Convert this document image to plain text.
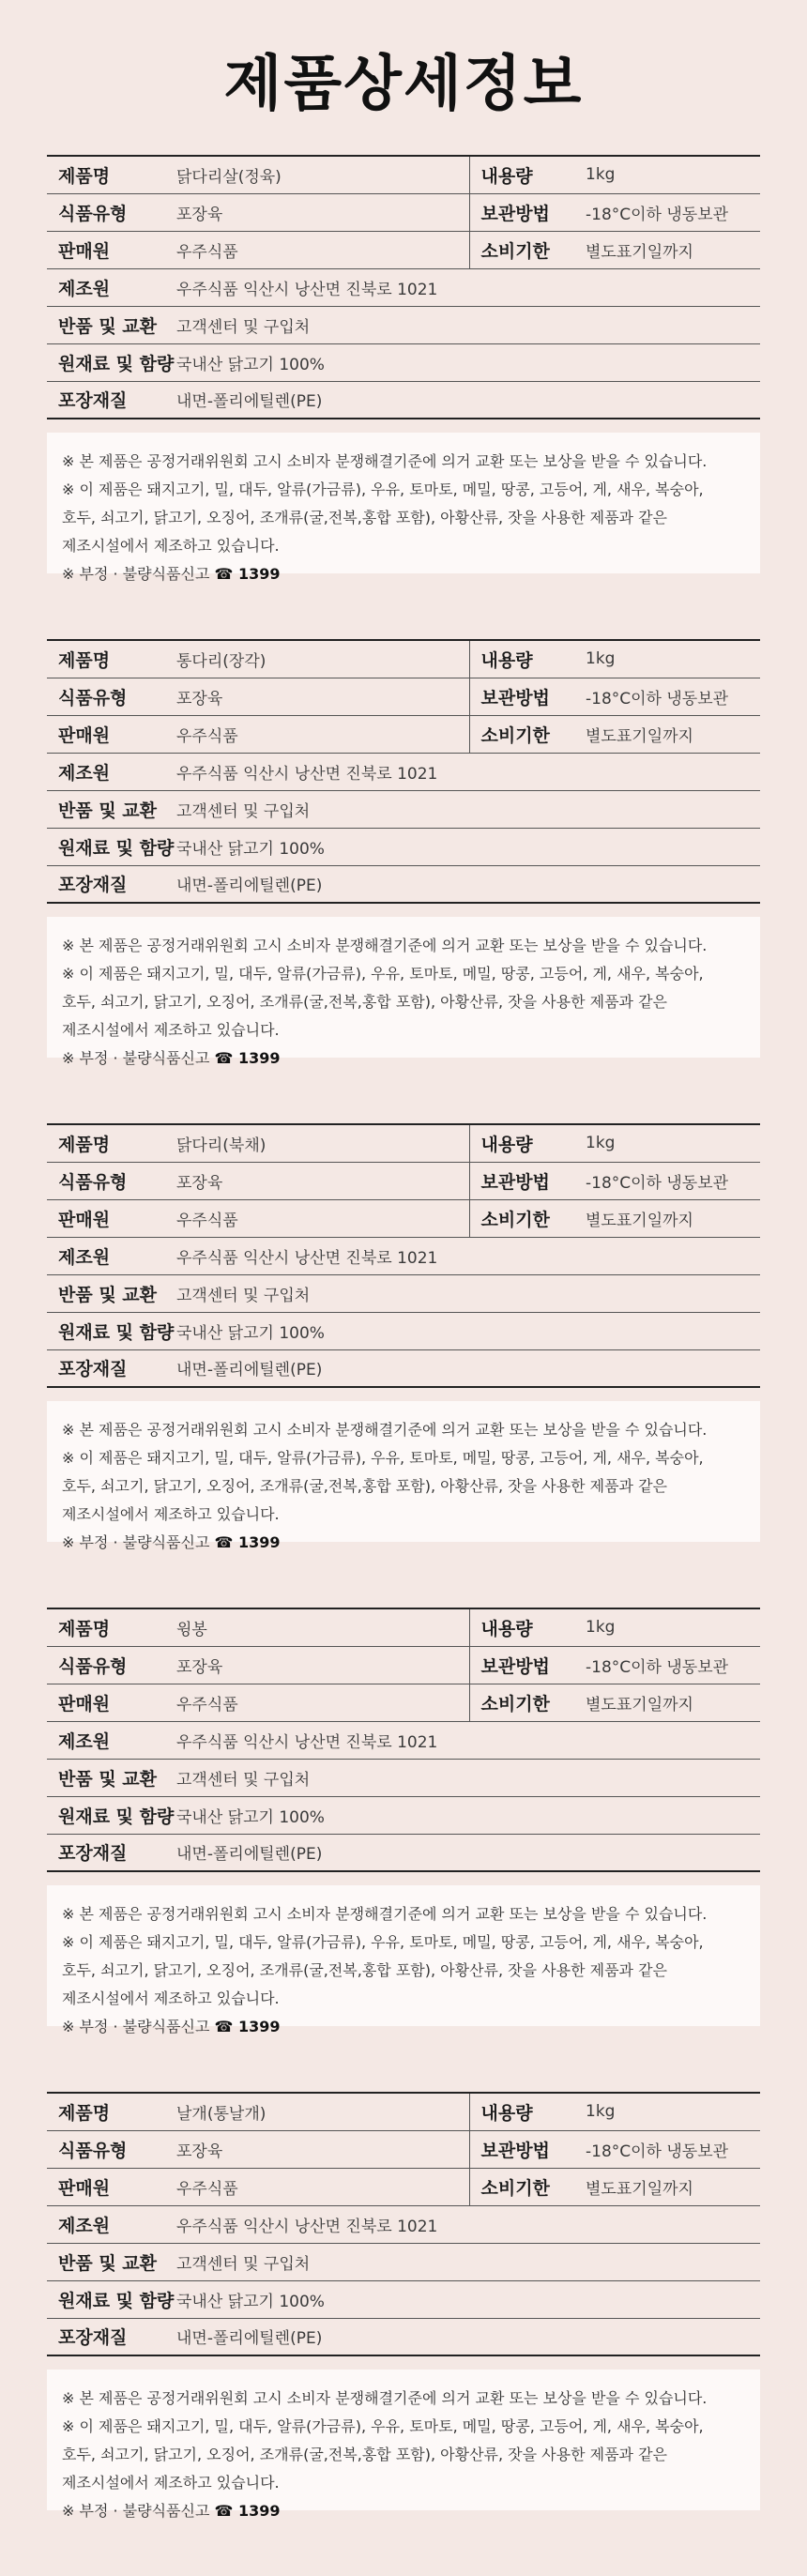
제품상세정보
제품명	닭다리살(정육)	내용량	1kg
식품유형	포장육	보관방법	-18°C이하 냉동보관
판매원	우주식품	소비기한	별도표기일까지
제조원	우주식품 익산시 낭산면 진북로 1021		
반품 및 교환	고객센터 및 구입처		
원재료 및 함량	국내산 닭고기 100%		
포장재질	내면-폴리에틸렌(PE)		

※ 본 제품은 공정거래위원회 고시 소비자 분쟁해결기준에 의거 교환 또는 보상을 받을 수 있습니다.

※ 이 제품은 돼지고기, 밀, 대두, 알류(가금류), 우유, 토마토, 메밀, 땅콩, 고등어, 게, 새우, 복숭아,

호두, 쇠고기, 닭고기, 오징어, 조개류(굴,전복,홍합 포함), 아황산류, 잣을 사용한 제품과 같은

제조시설에서 제조하고 있습니다.

※ 부정 · 불량식품신고 ☎ 1399

제품명	통다리(장각)	내용량	1kg
식품유형	포장육	보관방법	-18°C이하 냉동보관
판매원	우주식품	소비기한	별도표기일까지
제조원	우주식품 익산시 낭산면 진북로 1021		
반품 및 교환	고객센터 및 구입처		
원재료 및 함량	국내산 닭고기 100%		
포장재질	내면-폴리에틸렌(PE)		

※ 본 제품은 공정거래위원회 고시 소비자 분쟁해결기준에 의거 교환 또는 보상을 받을 수 있습니다.

※ 이 제품은 돼지고기, 밀, 대두, 알류(가금류), 우유, 토마토, 메밀, 땅콩, 고등어, 게, 새우, 복숭아,

호두, 쇠고기, 닭고기, 오징어, 조개류(굴,전복,홍합 포함), 아황산류, 잣을 사용한 제품과 같은

제조시설에서 제조하고 있습니다.

※ 부정 · 불량식품신고 ☎ 1399

제품명	닭다리(북채)	내용량	1kg
식품유형	포장육	보관방법	-18°C이하 냉동보관
판매원	우주식품	소비기한	별도표기일까지
제조원	우주식품 익산시 낭산면 진북로 1021		
반품 및 교환	고객센터 및 구입처		
원재료 및 함량	국내산 닭고기 100%		
포장재질	내면-폴리에틸렌(PE)		

※ 본 제품은 공정거래위원회 고시 소비자 분쟁해결기준에 의거 교환 또는 보상을 받을 수 있습니다.

※ 이 제품은 돼지고기, 밀, 대두, 알류(가금류), 우유, 토마토, 메밀, 땅콩, 고등어, 게, 새우, 복숭아,

호두, 쇠고기, 닭고기, 오징어, 조개류(굴,전복,홍합 포함), 아황산류, 잣을 사용한 제품과 같은

제조시설에서 제조하고 있습니다.

※ 부정 · 불량식품신고 ☎ 1399

제품명	윙봉	내용량	1kg
식품유형	포장육	보관방법	-18°C이하 냉동보관
판매원	우주식품	소비기한	별도표기일까지
제조원	우주식품 익산시 낭산면 진북로 1021		
반품 및 교환	고객센터 및 구입처		
원재료 및 함량	국내산 닭고기 100%		
포장재질	내면-폴리에틸렌(PE)		

※ 본 제품은 공정거래위원회 고시 소비자 분쟁해결기준에 의거 교환 또는 보상을 받을 수 있습니다.

※ 이 제품은 돼지고기, 밀, 대두, 알류(가금류), 우유, 토마토, 메밀, 땅콩, 고등어, 게, 새우, 복숭아,

호두, 쇠고기, 닭고기, 오징어, 조개류(굴,전복,홍합 포함), 아황산류, 잣을 사용한 제품과 같은

제조시설에서 제조하고 있습니다.

※ 부정 · 불량식품신고 ☎ 1399

제품명	날개(통날개)	내용량	1kg
식품유형	포장육	보관방법	-18°C이하 냉동보관
판매원	우주식품	소비기한	별도표기일까지
제조원	우주식품 익산시 낭산면 진북로 1021		
반품 및 교환	고객센터 및 구입처		
원재료 및 함량	국내산 닭고기 100%		
포장재질	내면-폴리에틸렌(PE)		

※ 본 제품은 공정거래위원회 고시 소비자 분쟁해결기준에 의거 교환 또는 보상을 받을 수 있습니다.

※ 이 제품은 돼지고기, 밀, 대두, 알류(가금류), 우유, 토마토, 메밀, 땅콩, 고등어, 게, 새우, 복숭아,

호두, 쇠고기, 닭고기, 오징어, 조개류(굴,전복,홍합 포함), 아황산류, 잣을 사용한 제품과 같은

제조시설에서 제조하고 있습니다.

※ 부정 · 불량식품신고 ☎ 1399
